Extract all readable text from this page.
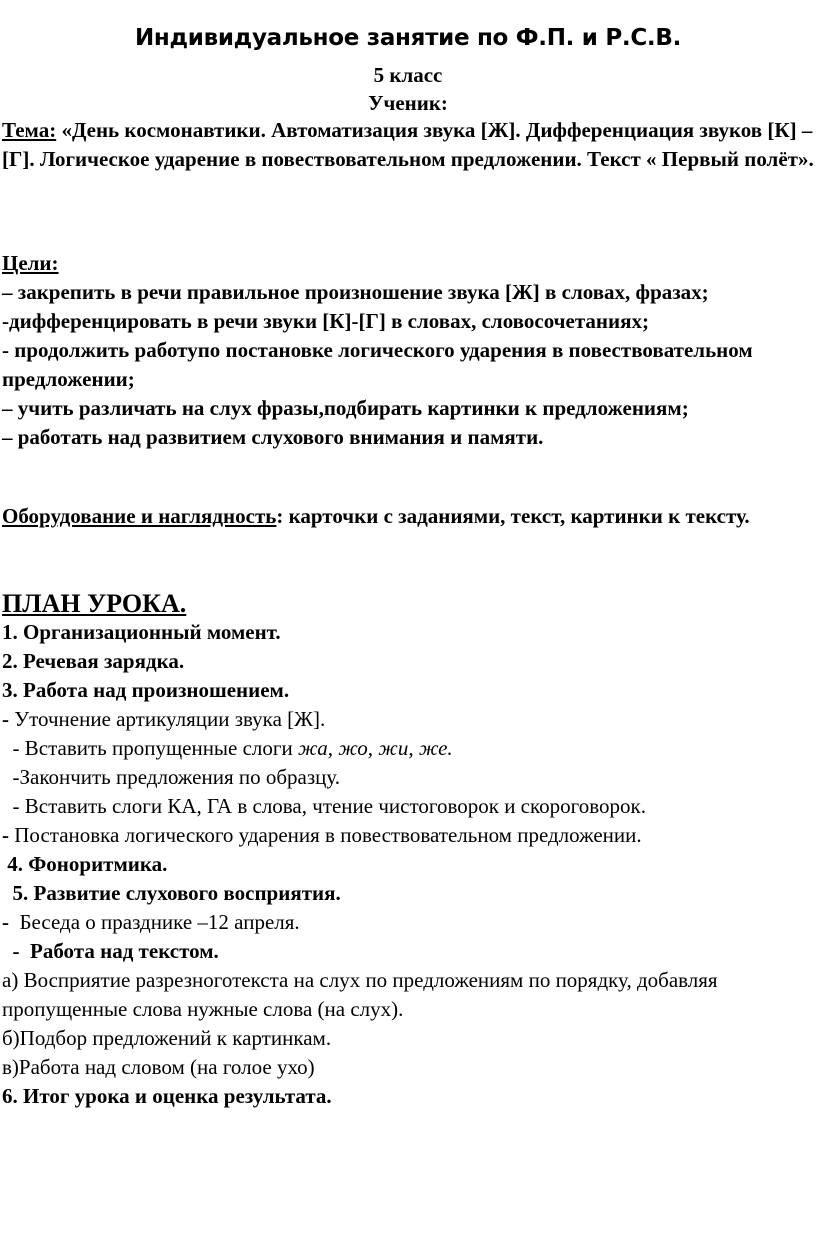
Индивидуальное занятие по Ф.П. и Р.С.В.
5 класс
Ученик:
Тема: «День космонавтики. Автоматизация звука [Ж]. Дифференциация звуков [К] – [Г]. Логическое ударение в повествовательном предложении. Текст « Первый полёт».
Цели:
– закрепить в речи правильное произношение звука [Ж] в словах, фразах;
-дифференцировать в речи звуки [К]-[Г] в словах, словосочетаниях;
- продолжить работупо постановке логического ударения в повествовательном предложении;
– учить различать на слух фразы,подбирать картинки к предложениям;
– работать над развитием слухового внимания и памяти.
Оборудование и наглядность: карточки с заданиями, текст, картинки к тексту.
ПЛАН УРОКА.
1. Организационный момент.
2. Речевая зарядка.
3. Работа над произношением.
- Уточнение артикуляции звука [Ж].
- Вставить пропущенные слоги жа, жо, жи, же.
-Закончить предложения по образцу.
- Вставить слоги КА, ГА в слова, чтение чистоговорок и скороговорок.
- Постановка логического ударения в повествовательном предложении.
4. Фоноритмика.
5. Развитие слухового восприятия.
-  Беседа о празднике –12 апреля.
-  Работа над текстом.
а) Восприятие разрезноготекста на слух по предложениям по порядку, добавляя пропущенные слова нужные слова (на слух).
б)Подбор предложений к картинкам.
в)Работа над словом (на голое ухо)
6. Итог урока и оценка результата.
